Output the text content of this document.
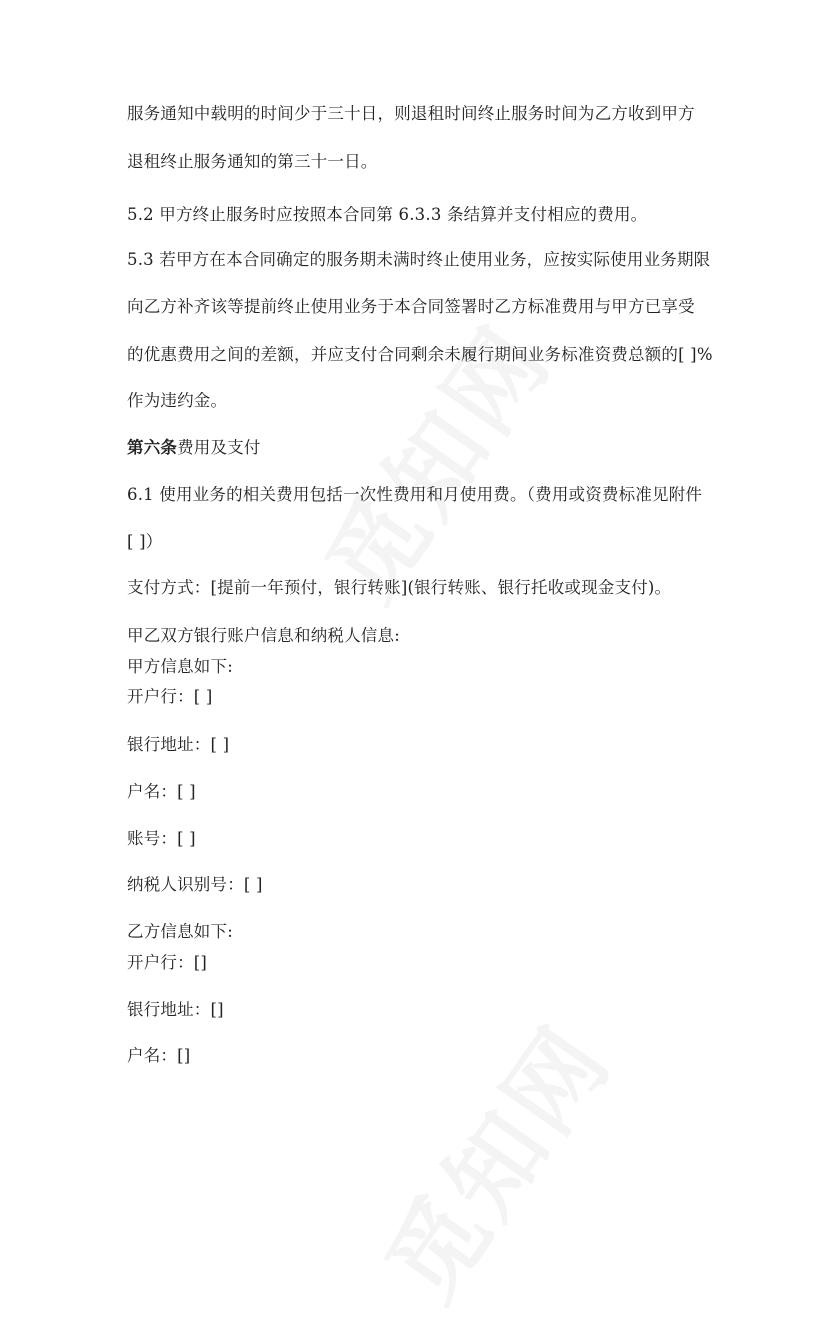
服务通知中载明的时间少于三十日，则退租时间终止服务时间为乙方收到甲方
退租终止服务通知的第三十一日。
5.2 甲方终止服务时应按照本合同第 6.3.3 条结算并支付相应的费用。
5.3 若甲方在本合同确定的服务期未满时终止使用业务，应按实际使用业务期限
向乙方补齐该等提前终止使用业务于本合同签署时乙方标准费用与甲方已享受
的优惠费用之间的差额，并应支付合同剩余未履行期间业务标准资费总额的[ ]%
作为违约金。
第六条费用及支付
6.1 使用业务的相关费用包括一次性费用和月使用费。（费用或资费标准见附件
[ ]）
支付方式：[提前一年预付，银行转账](银行转账、银行托收或现金支付)。
甲乙双方银行账户信息和纳税人信息:
甲方信息如下:
开户行：[ ]
银行地址：[ ]
户名：[ ]
账号：[ ]
纳税人识别号：[ ]
乙方信息如下:
开户行：[]
银行地址：[]
户名：[]
